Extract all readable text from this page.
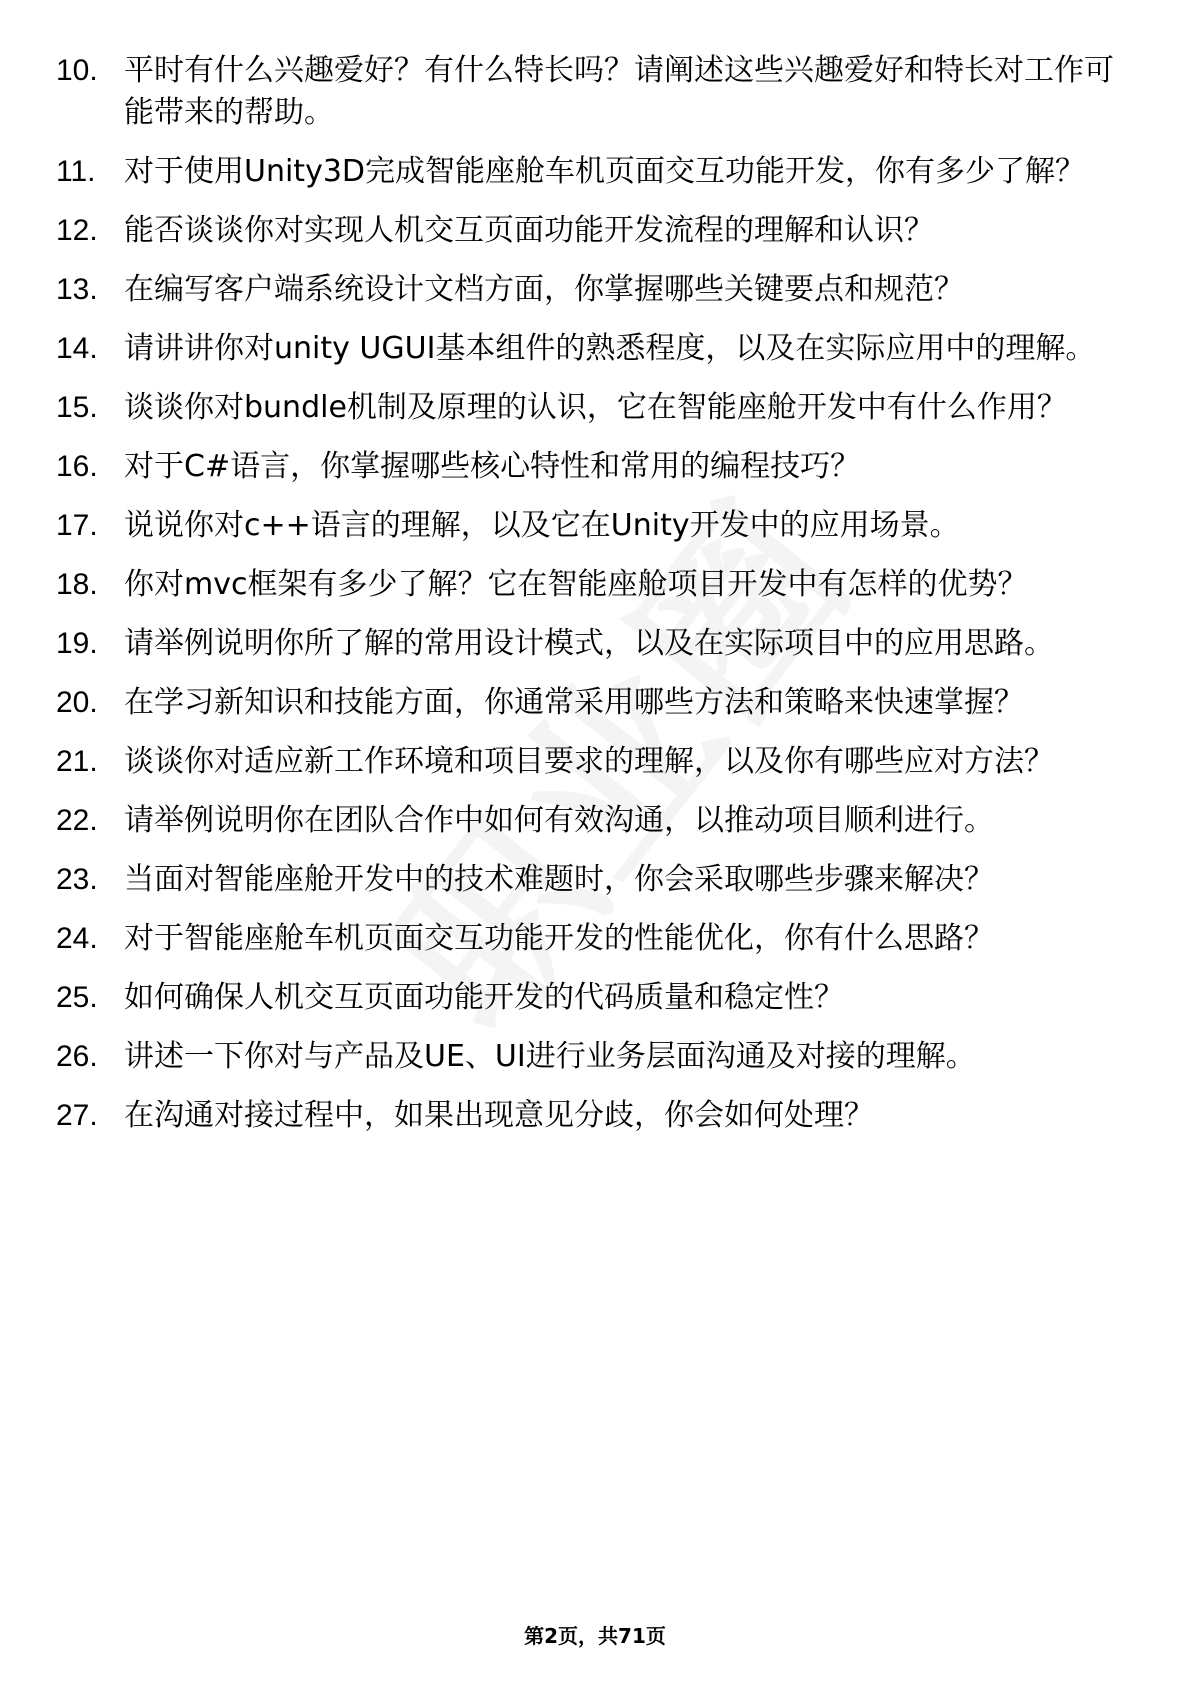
10. 平时有什么兴趣爱好？有什么特长吗？请阐述这些兴趣爱好和特长对工作可能带来的帮助。
11. 对于使用Unity3D完成智能座舱车机页面交互功能开发，你有多少了解？
12. 能否谈谈你对实现人机交互页面功能开发流程的理解和认识？
13. 在编写客户端系统设计文档方面，你掌握哪些关键要点和规范？
14. 请讲讲你对unity UGUI基本组件的熟悉程度，以及在实际应用中的理解。
15. 谈谈你对bundle机制及原理的认识，它在智能座舱开发中有什么作用？
16. 对于C#语言，你掌握哪些核心特性和常用的编程技巧？
17. 说说你对c++语言的理解，以及它在Unity开发中的应用场景。
18. 你对mvc框架有多少了解？它在智能座舱项目开发中有怎样的优势？
19. 请举例说明你所了解的常用设计模式，以及在实际项目中的应用思路。
20. 在学习新知识和技能方面，你通常采用哪些方法和策略来快速掌握？
21. 谈谈你对适应新工作环境和项目要求的理解，以及你有哪些应对方法？
22. 请举例说明你在团队合作中如何有效沟通，以推动项目顺利进行。
23. 当面对智能座舱开发中的技术难题时，你会采取哪些步骤来解决？
24. 对于智能座舱车机页面交互功能开发的性能优化，你有什么思路？
25. 如何确保人机交互页面功能开发的代码质量和稳定性？
26. 讲述一下你对与产品及UE、UI进行业务层面沟通及对接的理解。
27. 在沟通对接过程中，如果出现意见分歧，你会如何处理？
第2页，共71页
